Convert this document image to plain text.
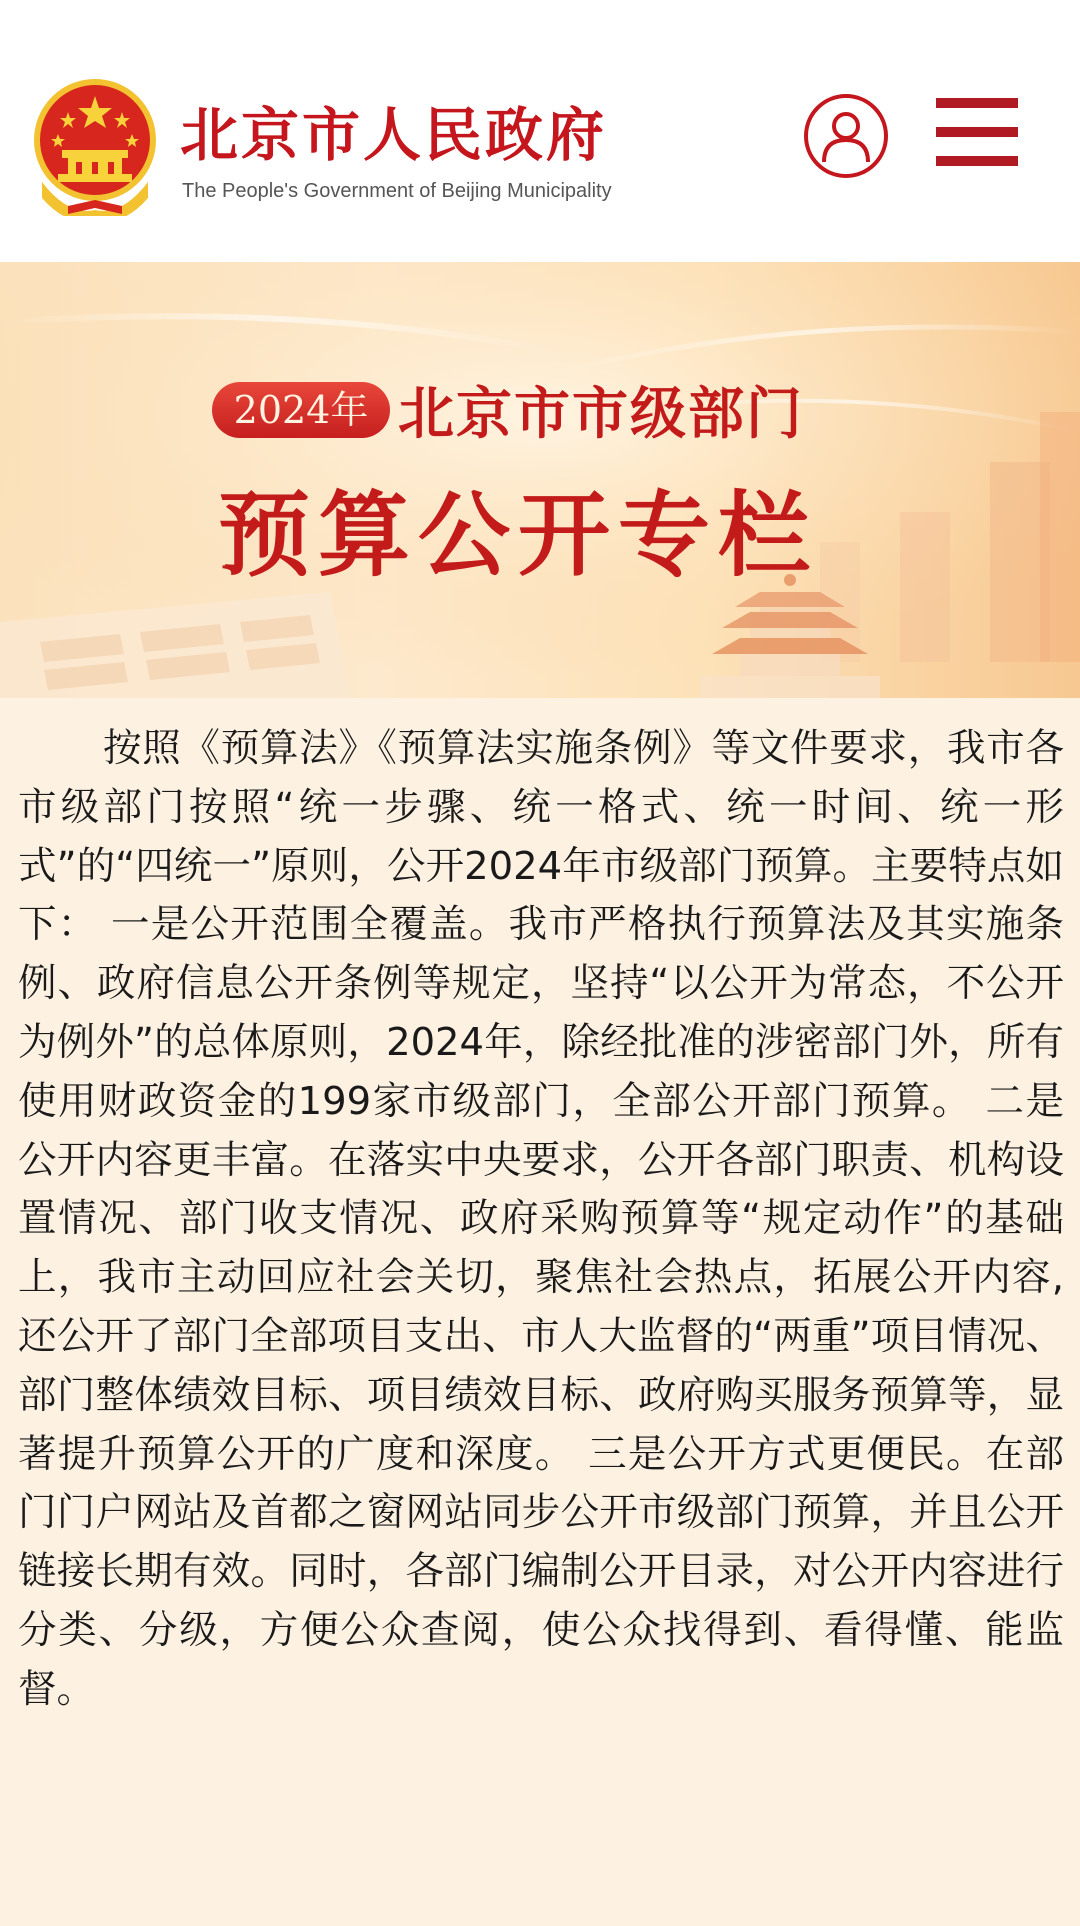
北京市人民政府
The People's Government of Beijing Municipality
2024年 北京市市级部门
预算公开专栏

按照《预算法》《预算法实施条例》等文件要求，我市各市级部门按照“统一步骤、统一格式、统一时间、统一形式”的“四统一”原则，公开2024年市级部门预算。主要特点如下： 一是公开范围全覆盖。我市严格执行预算法及其实施条例、政府信息公开条例等规定，坚持“以公开为常态，不公开为例外”的总体原则，2024年，除经批准的涉密部门外，所有使用财政资金的199家市级部门，全部公开部门预算。 二是公开内容更丰富。在落实中央要求，公开各部门职责、机构设置情况、部门收支情况、政府采购预算等“规定动作”的基础上，我市主动回应社会关切，聚焦社会热点，拓展公开内容,还公开了部门全部项目支出、市人大监督的“两重”项目情况、部门整体绩效目标、项目绩效目标、政府购买服务预算等，显著提升预算公开的广度和深度。 三是公开方式更便民。在部门门户网站及首都之窗网站同步公开市级部门预算，并且公开链接长期有效。同时，各部门编制公开目录，对公开内容进行分类、分级，方便公众查阅，使公众找得到、看得懂、能监督。
